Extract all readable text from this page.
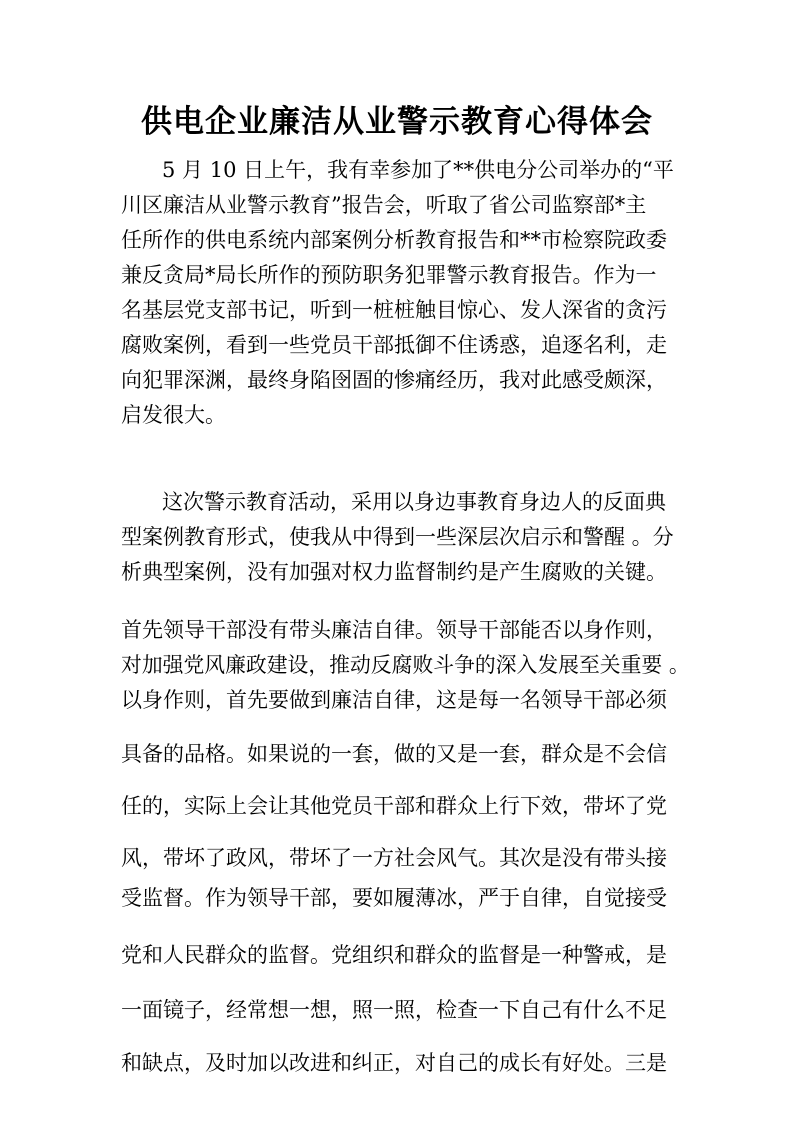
供电企业廉洁从业警示教育心得体会
5 月 10 日上午，我有幸参加了**供电分公司举办的“平
川区廉洁从业警示教育”报告会，听取了省公司监察部*主
任所作的供电系统内部案例分析教育报告和**市检察院政委
兼反贪局*局长所作的预防职务犯罪警示教育报告。作为一
名基层党支部书记，听到一桩桩触目惊心、发人深省的贪污
腐败案例，看到一些党员干部抵御不住诱惑，追逐名利，走
向犯罪深渊，最终身陷囹圄的惨痛经历，我对此感受颇深，
启发很大。
这次警示教育活动，采用以身边事教育身边人的反面典
型案例教育形式，使我从中得到一些深层次启示和警醒 。分
析典型案例，没有加强对权力监督制约是产生腐败的关键。
首先领导干部没有带头廉洁自律。领导干部能否以身作则，
对加强党风廉政建设，推动反腐败斗争的深入发展至关重要 。
以身作则，首先要做到廉洁自律，这是每一名领导干部必须
具备的品格。如果说的一套，做的又是一套，群众是不会信
任的，实际上会让其他党员干部和群众上行下效，带坏了党
风，带坏了政风，带坏了一方社会风气。其次是没有带头接
受监督。作为领导干部，要如履薄冰，严于自律，自觉接受
党和人民群众的监督。党组织和群众的监督是一种警戒，是
一面镜子，经常想一想，照一照，检查一下自己有什么不足
和缺点，及时加以改进和纠正，对自己的成长有好处。三是
